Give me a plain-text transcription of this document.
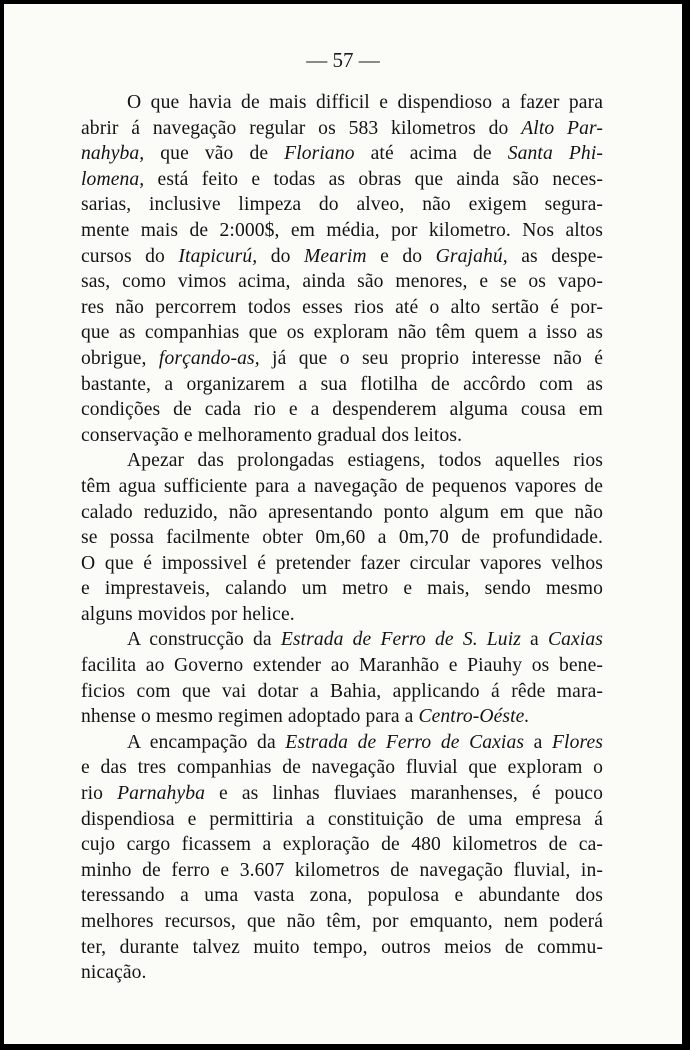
— 57 —
O que havia de mais difficil e dispendioso a fazer para
abrir á navegação regular os 583 kilometros do Alto Par-
nahyba, que vão de Floriano até acima de Santa Phi-
lomena, está feito e todas as obras que ainda são neces-
sarias, inclusive limpeza do alveo, não exigem segura-
mente mais de 2:000$, em média, por kilometro. Nos altos
cursos do Itapicurú, do Mearim e do Grajahú, as despe-
sas, como vimos acima, ainda são menores, e se os vapo-
res não percorrem todos esses rios até o alto sertão é por-
que as companhias que os exploram não têm quem a isso as
obrigue, forçando-as, já que o seu proprio interesse não é
bastante, a organizarem a sua flotilha de accôrdo com as
condições de cada rio e a despenderem alguma cousa em
conservação e melhoramento gradual dos leitos.
Apezar das prolongadas estiagens, todos aquelles rios
têm agua sufficiente para a navegação de pequenos vapores de
calado reduzido, não apresentando ponto algum em que não
se possa facilmente obter 0m,60 a 0m,70 de profundidade.
O que é impossivel é pretender fazer circular vapores velhos
e imprestaveis, calando um metro e mais, sendo mesmo
alguns movidos por helice.
A construcção da Estrada de Ferro de S. Luiz a Caxias
facilita ao Governo extender ao Maranhão e Piauhy os bene-
ficios com que vai dotar a Bahia, applicando á rêde mara-
nhense o mesmo regimen adoptado para a Centro-Oéste.
A encampação da Estrada de Ferro de Caxias a Flores
e das tres companhias de navegação fluvial que exploram o
rio Parnahyba e as linhas fluviaes maranhenses, é pouco
dispendiosa e permittiria a constituição de uma empresa á
cujo cargo ficassem a exploração de 480 kilometros de ca-
minho de ferro e 3.607 kilometros de navegação fluvial, in-
teressando a uma vasta zona, populosa e abundante dos
melhores recursos, que não têm, por emquanto, nem poderá
ter, durante talvez muito tempo, outros meios de commu-
nicação.
